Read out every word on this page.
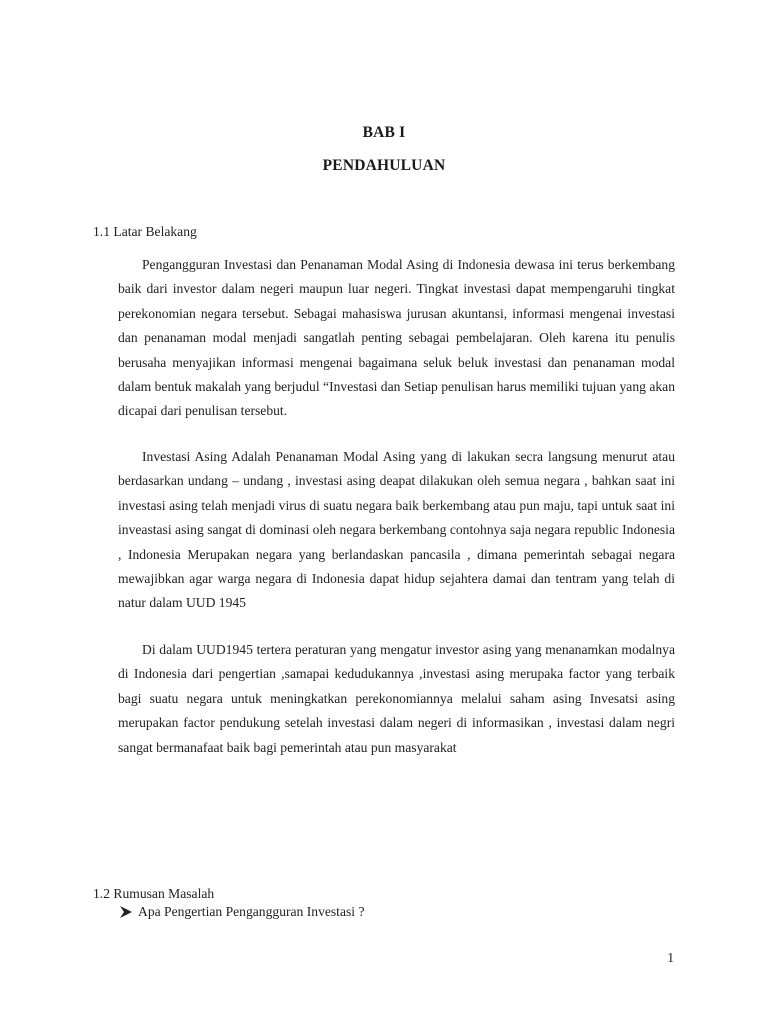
BAB I
PENDAHULUAN
1.1 Latar Belakang

Pengangguran Investasi dan Penanaman Modal Asing di Indonesia dewasa ini terus berkembang baik dari investor dalam negeri maupun luar negeri. Tingkat investasi dapat mempengaruhi tingkat perekonomian negara tersebut. Sebagai mahasiswa jurusan akuntansi, informasi mengenai investasi dan penanaman modal menjadi sangatlah penting sebagai pembelajaran. Oleh karena itu penulis berusaha menyajikan informasi mengenai bagaimana seluk beluk investasi dan penanaman modal dalam bentuk makalah yang berjudul “Investasi dan Setiap penulisan harus memiliki tujuan yang akan dicapai dari penulisan tersebut.

Investasi Asing Adalah Penanaman Modal Asing yang di lakukan secra langsung menurut atau berdasarkan undang – undang , investasi asing deapat dilakukan oleh semua negara , bahkan saat ini investasi asing telah menjadi virus di suatu negara baik berkembang atau pun maju, tapi untuk saat ini inveastasi asing sangat di dominasi oleh negara berkembang contohnya saja negara republic Indonesia , Indonesia Merupakan negara yang berlandaskan pancasila , dimana pemerintah sebagai negara mewajibkan agar warga negara di Indonesia dapat hidup sejahtera damai dan tentram yang telah di natur dalam UUD 1945

Di dalam UUD1945 tertera peraturan yang mengatur investor asing yang menanamkan modalnya di Indonesia dari pengertian ,samapai kedudukannya ,investasi asing merupaka factor yang terbaik bagi suatu negara untuk meningkatkan perekonomiannya melalui saham asing Invesatsi asing merupakan factor pendukung setelah investasi dalam negeri di informasikan , investasi dalam negri sangat bermanafaat baik bagi pemerintah atau pun masyarakat

1.2 Rumusan Masalah
Apa Pengertian Pengangguran Investasi ?
1
